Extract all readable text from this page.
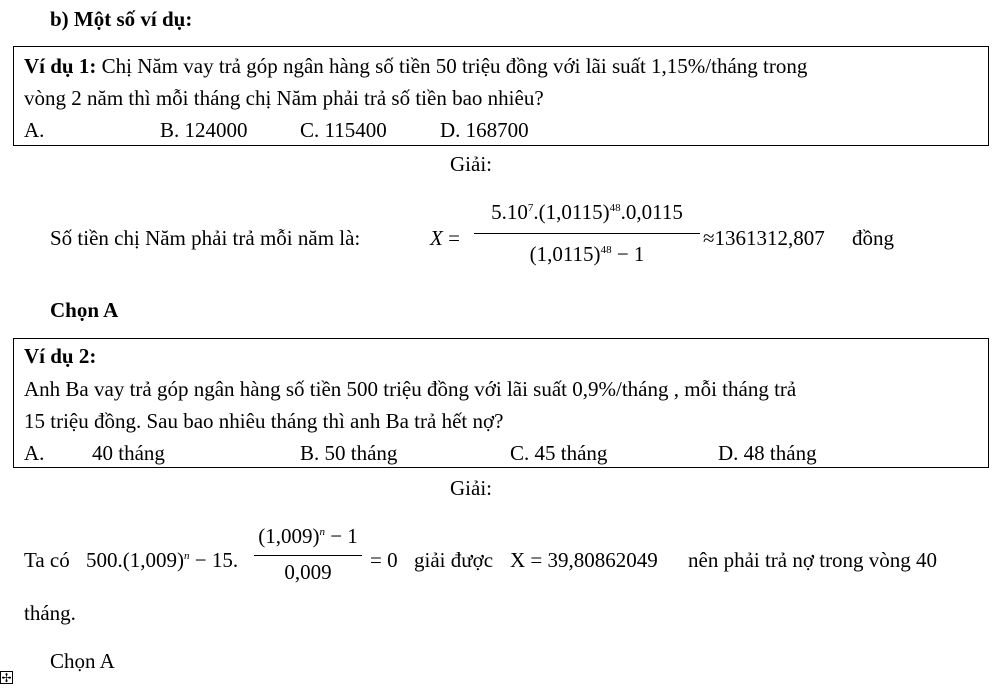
b) Một số ví dụ:
Ví dụ 1: Chị Năm vay trả góp ngân hàng số tiền 50 triệu đồng với lãi suất 1,15%/tháng trong
vòng 2 năm thì mỗi tháng chị Năm phải trả số tiền bao nhiêu?
A.	B. 124000 C. 115400	D. 168700
Giải:
Số tiền chị Năm phải trả mỗi năm là:	X =
$5.10^7.(1,0115)^{48}.0,0115$
$(1,0115)^{48} - 1$
≈1361312,807 đồng
Chọn A
Ví dụ 2:
Anh Ba vay trả góp ngân hàng số tiền 500 triệu đồng với lãi suất 0,9%/tháng , mỗi tháng trả
15 triệu đồng. Sau bao nhiêu tháng thì anh Ba trả hết nợ?
A. 40 tháng	B. 50 tháng	C. 45 tháng	D. 48 tháng
Giải:
Ta có $500.(1,009)^n - 15$.
$(1,009)^n - 1$
0,009	= 0 giải được X = 39,80862049 nên phải trả nợ trong vòng 40
tháng.
Chọn A
✢
